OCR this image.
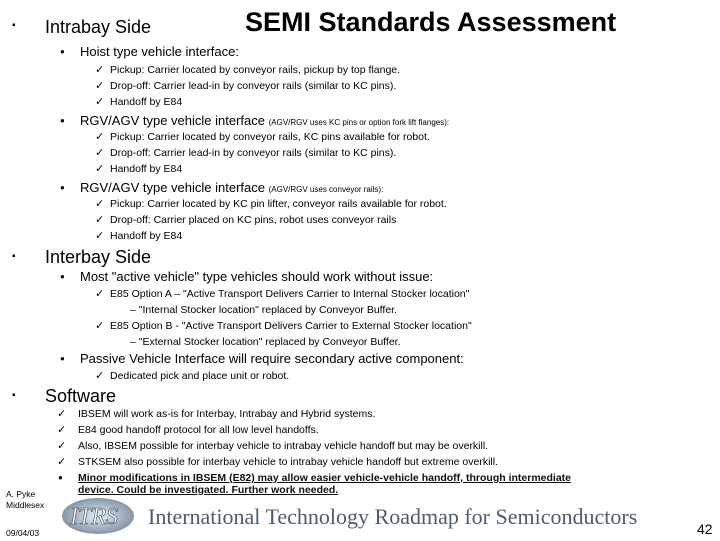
SEMI Standards Assessment
▪ Intrabay Side
● Hoist type vehicle interface:
✓ Pickup: Carrier located by conveyor rails, pickup by top flange.
✓ Drop-off: Carrier lead-in by conveyor rails (similar to KC pins).
✓ Handoff by E84
● RGV/AGV type vehicle interface (AGV/RGV uses KC pins or option fork lift flanges):
✓ Pickup: Carrier located by conveyor rails, KC pins available for robot.
✓ Drop-off: Carrier lead-in by conveyor rails (similar to KC pins).
✓ Handoff by E84
● RGV/AGV type vehicle interface (AGV/RGV uses conveyor rails):
✓ Pickup: Carrier located by KC pin lifter, conveyor rails available for robot.
✓ Drop-off: Carrier placed on KC pins, robot uses conveyor rails
✓ Handoff by E84
▪ Interbay Side
● Most "active vehicle" type vehicles should work without issue:
✓ E85 Option A – "Active Transport Delivers Carrier to Internal Stocker location"
– "Internal Stocker location" replaced by Conveyor Buffer.
✓ E85 Option B - "Active Transport Delivers Carrier to External Stocker location"
– "External Stocker location" replaced by Conveyor Buffer.
● Passive Vehicle Interface will require secondary active component:
✓ Dedicated pick and place unit or robot.
▪ Software
✓ IBSEM will work as-is for Interbay, Intrabay and Hybrid systems.
✓ E84 good handoff protocol for all low level handoffs.
✓ Also, IBSEM possible for interbay vehicle to intrabay vehicle handoff but may be overkill.
✓ STKSEM also possible for interbay vehicle to intrabay vehicle handoff but extreme overkill.
● Minor modifications in IBSEM (E82) may allow easier vehicle-vehicle handoff, through intermediate
device. Could be investigated. Further work needed.
A. Pyke
Middlesex
09/04/03
ITRS International Technology Roadmap for Semiconductors	42
